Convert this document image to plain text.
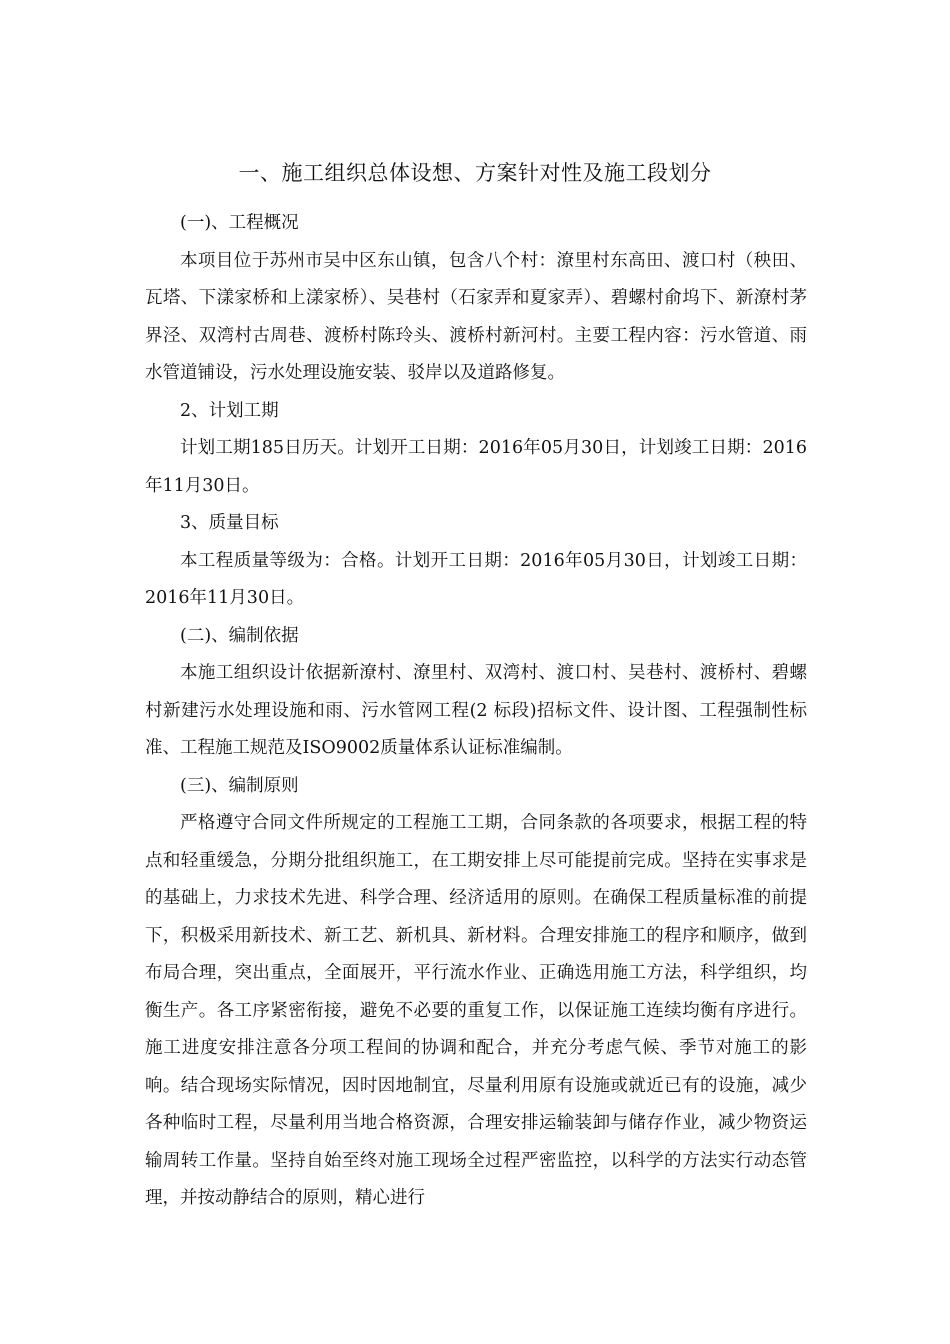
一、施工组织总体设想、方案针对性及施工段划分

(一)、工程概况

本项目位于苏州市吴中区东山镇，包含八个村：潦里村东高田、渡口村（秧田、瓦塔、下漾家桥和上漾家桥）、吴巷村（石家弄和夏家弄）、碧螺村俞坞下、新潦村茅界泾、双湾村古周巷、渡桥村陈玲头、渡桥村新河村。主要工程内容：污水管道、雨水管道铺设，污水处理设施安装、驳岸以及道路修复。

2、计划工期

计划工期185日历天。计划开工日期：2016年05月30日，计划竣工日期：2016年11月30日。

3、质量目标

本工程质量等级为：合格。计划开工日期：2016年05月30日，计划竣工日期：2016年11月30日。

(二)、编制依据

本施工组织设计依据新潦村、潦里村、双湾村、渡口村、吴巷村、渡桥村、碧螺村新建污水处理设施和雨、污水管网工程(2 标段)招标文件、设计图、工程强制性标准、工程施工规范及ISO9002质量体系认证标准编制。

(三)、编制原则

严格遵守合同文件所规定的工程施工工期，合同条款的各项要求，根据工程的特点和轻重缓急，分期分批组织施工，在工期安排上尽可能提前完成。坚持在实事求是的基础上，力求技术先进、科学合理、经济适用的原则。在确保工程质量标准的前提下，积极采用新技术、新工艺、新机具、新材料。合理安排施工的程序和顺序，做到布局合理，突出重点，全面展开，平行流水作业、正确选用施工方法，科学组织，均衡生产。各工序紧密衔接，避免不必要的重复工作，以保证施工连续均衡有序进行。施工进度安排注意各分项工程间的协调和配合，并充分考虑气候、季节对施工的影响。结合现场实际情况，因时因地制宜，尽量利用原有设施或就近已有的设施，减少各种临时工程，尽量利用当地合格资源，合理安排运输装卸与储存作业，减少物资运输周转工作量。坚持自始至终对施工现场全过程严密监控，以科学的方法实行动态管理，并按动静结合的原则，精心进行
